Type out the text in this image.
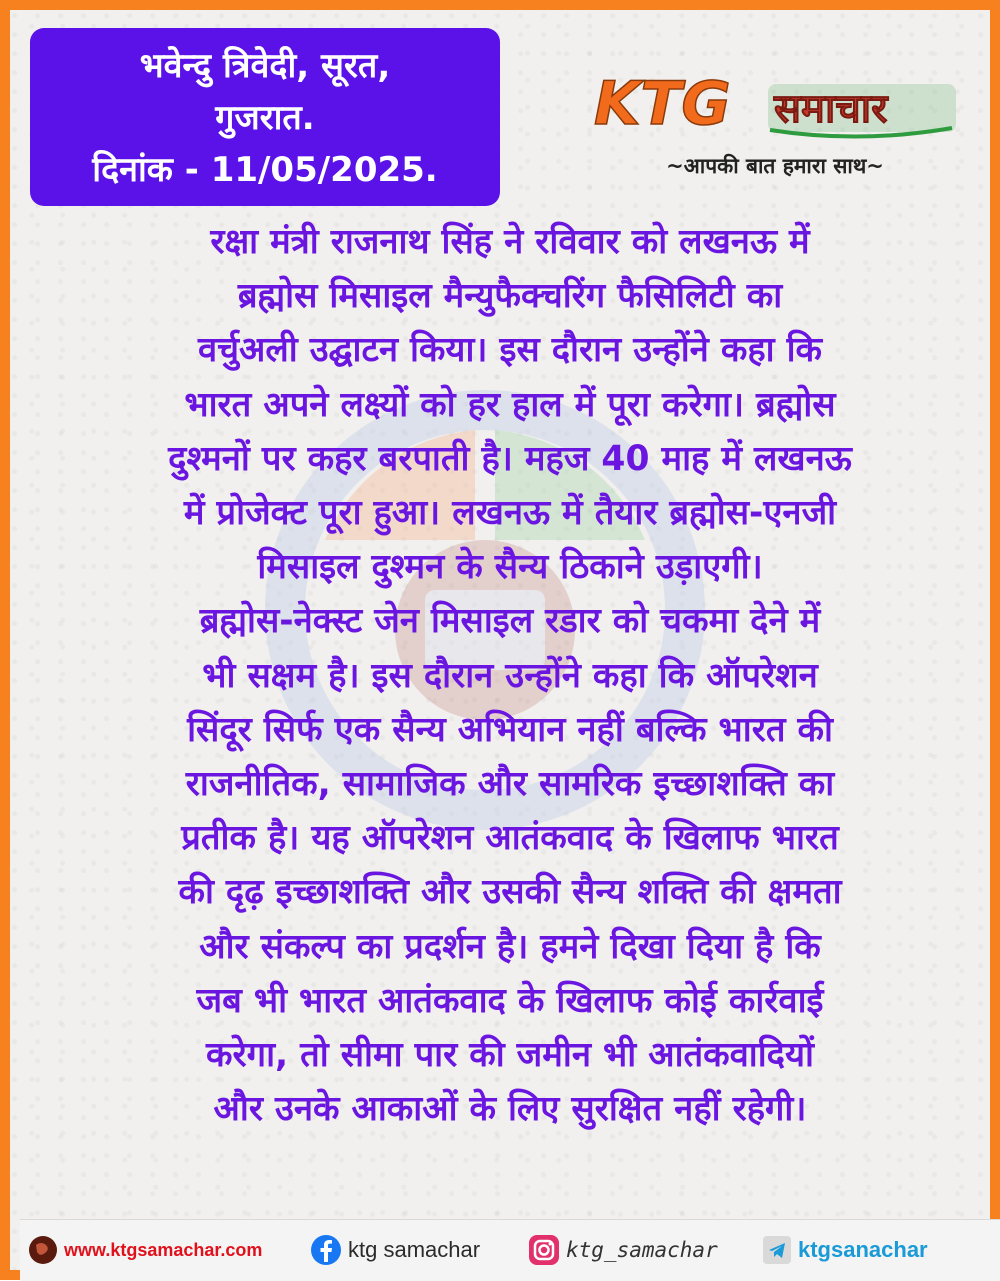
भवेन्दु त्रिवेदी, सूरत,
गुजरात.
दिनांक - 11/05/2025.
KTG समाचार
~आपकी बात हमारा साथ~
रक्षा मंत्री राजनाथ सिंह ने रविवार को लखनऊ में
ब्रह्मोस मिसाइल मैन्युफैक्चरिंग फैसिलिटी का
वर्चुअली उद्घाटन किया। इस दौरान उन्होंने कहा कि
भारत अपने लक्ष्यों को हर हाल में पूरा करेगा। ब्रह्मोस
दुश्मनों पर कहर बरपाती है। महज 40 माह में लखनऊ
में प्रोजेक्ट पूरा हुआ। लखनऊ में तैयार ब्रह्मोस-एनजी
मिसाइल दुश्मन के सैन्य ठिकाने उड़ाएगी।
ब्रह्मोस-नेक्स्ट जेन मिसाइल रडार को चकमा देने में
भी सक्षम है। इस दौरान उन्होंने कहा कि ऑपरेशन
सिंदूर सिर्फ एक सैन्य अभियान नहीं बल्कि भारत की
राजनीतिक, सामाजिक और सामरिक इच्छाशक्ति का
प्रतीक है। यह ऑपरेशन आतंकवाद के खिलाफ भारत
की दृढ़ इच्छाशक्ति और उसकी सैन्य शक्ति की क्षमता
और संकल्प का प्रदर्शन है। हमने दिखा दिया है कि
जब भी भारत आतंकवाद के खिलाफ कोई कार्रवाई
करेगा, तो सीमा पार की जमीन भी आतंकवादियों
और उनके आकाओं के लिए सुरक्षित नहीं रहेगी।
www.ktgsamachar.com	ktg samachar	ktg_samachar	ktgsanachar
